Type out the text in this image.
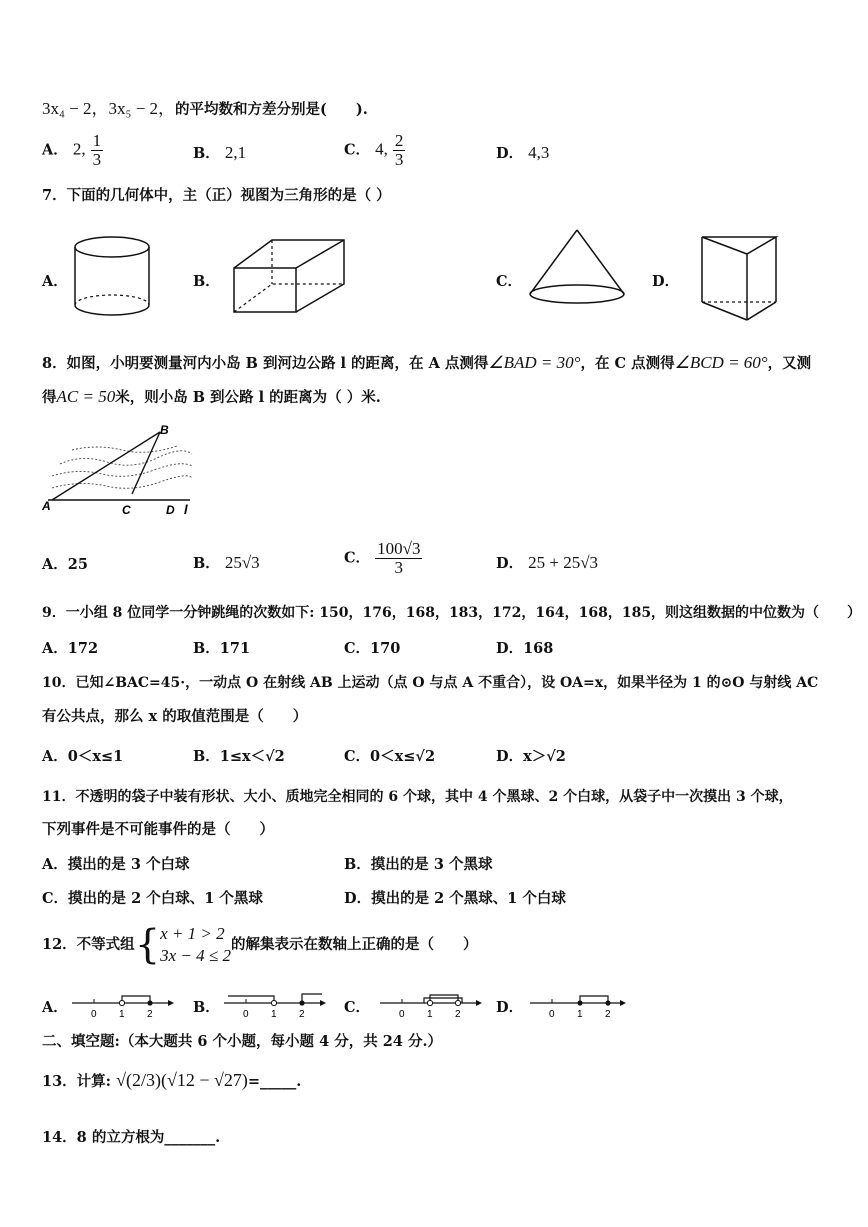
3x₄ − 2，3x₅ − 2，的平均数和方差分别是(　　).
A． 2, $\frac{1}{3}$	B． 2,1	C． 4, $\frac{2}{3}$	D． 4,3
7．下面的几何体中，主（正）视图为三角形的是（ ）
A．	B．	C．	D．
8．如图，小明要测量河内小岛 B 到河边公路 l 的距离，在 A 点测得∠BAD = 30°，在 C 点测得∠BCD = 60°，又测
得AC = 50米，则小岛 B 到公路 l 的距离为（ ）米.
B
A	C	D l
A．25	B． 25√3	C． $\frac{100√3}{3}$	D． 25 + 25√3
9．一小组 8 位同学一分钟跳绳的次数如下: 150，176，168，183，172，164，168，185，则这组数据的中位数为（　　）
A．172	B．171	C．170	D．168
10．已知∠BAC=45·，一动点 O 在射线 AB 上运动（点 O 与点 A 不重合），设 OA=x，如果半径为 1 的⊙O 与射线 AC
有公共点，那么 x 的取值范围是（　　）
A．0＜x≤1	B．1≤x＜√2	C．0＜x≤√2	D．x＞√2
11．不透明的袋子中装有形状、大小、质地完全相同的 6 个球，其中 4 个黑球、2 个白球，从袋子中一次摸出 3 个球，
下列事件是不可能事件的是（　　）
A．摸出的是 3 个白球	B．摸出的是 3 个黑球
C．摸出的是 2 个白球、1 个黑球	D．摸出的是 2 个黑球、1 个白球
12．不等式组{ x + 1 > 2
3x − 4 ≤ 2
的解集表示在数轴上正确的是（　　）
A．	B．	C．	D．
0 1 2	0 1 2	0 1 2	0 1 2
二、填空题:（本大题共 6 个小题，每小题 4 分，共 24 分.）
13．计算: √(2/3)(√12 − √27)=_____.
14．8 的立方根为_______.
